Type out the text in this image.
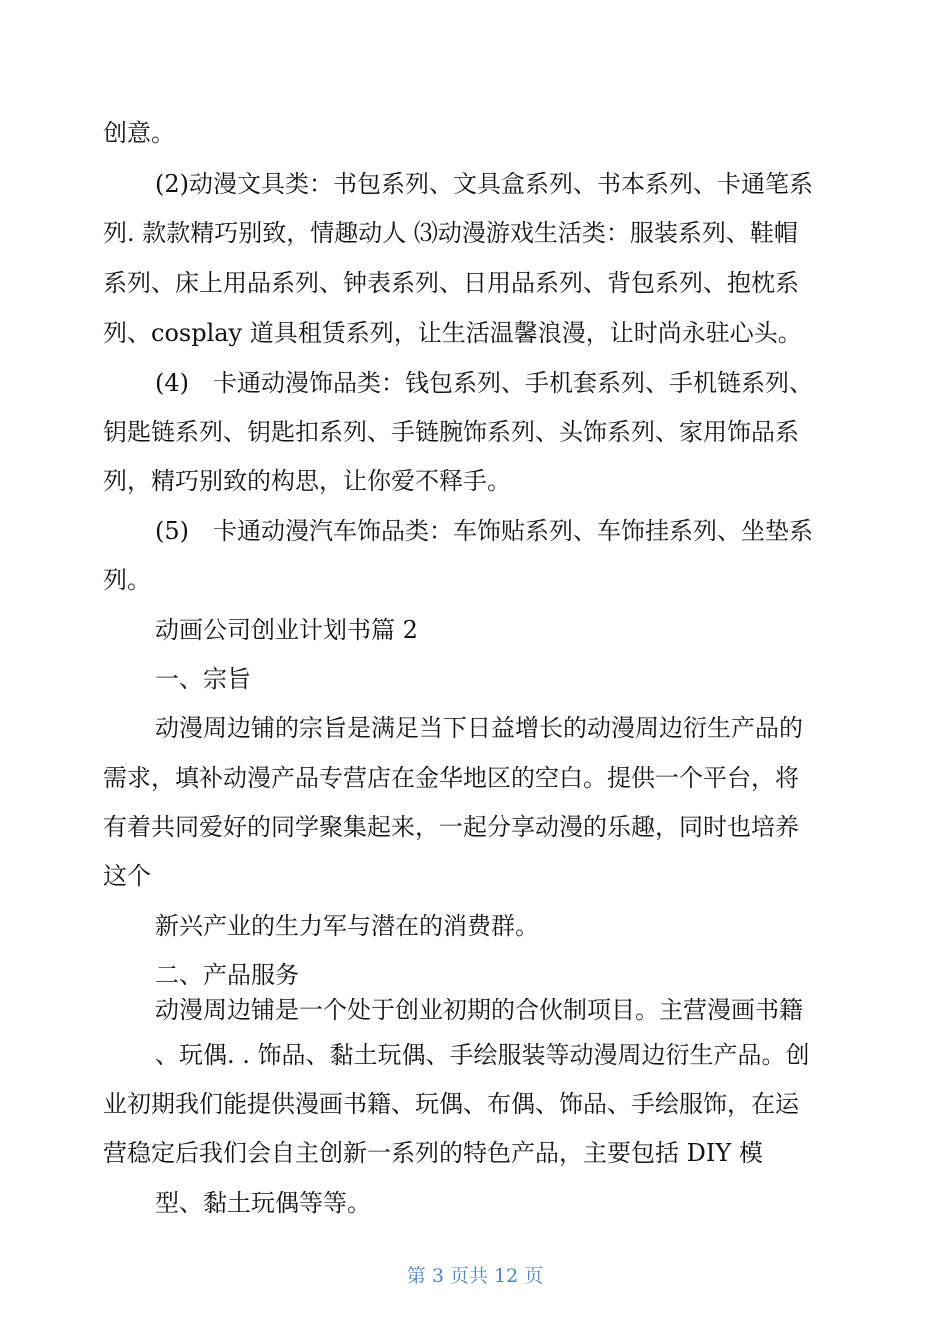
创意。
(2)动漫文具类：书包系列、文具盒系列、书本系列、卡通笔系
列. 款款精巧别致，情趣动人 ⑶动漫游戏生活类：服装系列、鞋帽
系列、床上用品系列、钟表系列、日用品系列、背包系列、抱枕系
列、cosplay 道具租赁系列，让生活温馨浪漫，让时尚永驻心头。
(4)　卡通动漫饰品类：钱包系列、手机套系列、手机链系列、
钥匙链系列、钥匙扣系列、手链腕饰系列、头饰系列、家用饰品系
列，精巧别致的构思，让你爱不释手。
(5)　卡通动漫汽车饰品类：车饰贴系列、车饰挂系列、坐垫系
列。
动画公司创业计划书篇 2
一、宗旨
动漫周边铺的宗旨是满足当下日益增长的动漫周边衍生产品的
需求，填补动漫产品专营店在金华地区的空白。提供一个平台，将
有着共同爱好的同学聚集起来，一起分享动漫的乐趣，同时也培养
这个
新兴产业的生力军与潜在的消费群。
二、产品服务
动漫周边铺是一个处于创业初期的合伙制项目。主营漫画书籍
、玩偶. . 饰品、黏土玩偶、手绘服装等动漫周边衍生产品。创
业初期我们能提供漫画书籍、玩偶、布偶、饰品、手绘服饰，在运
营稳定后我们会自主创新一系列的特色产品，主要包括 DIY 模
型、黏土玩偶等等。
第 3 页共 12 页
